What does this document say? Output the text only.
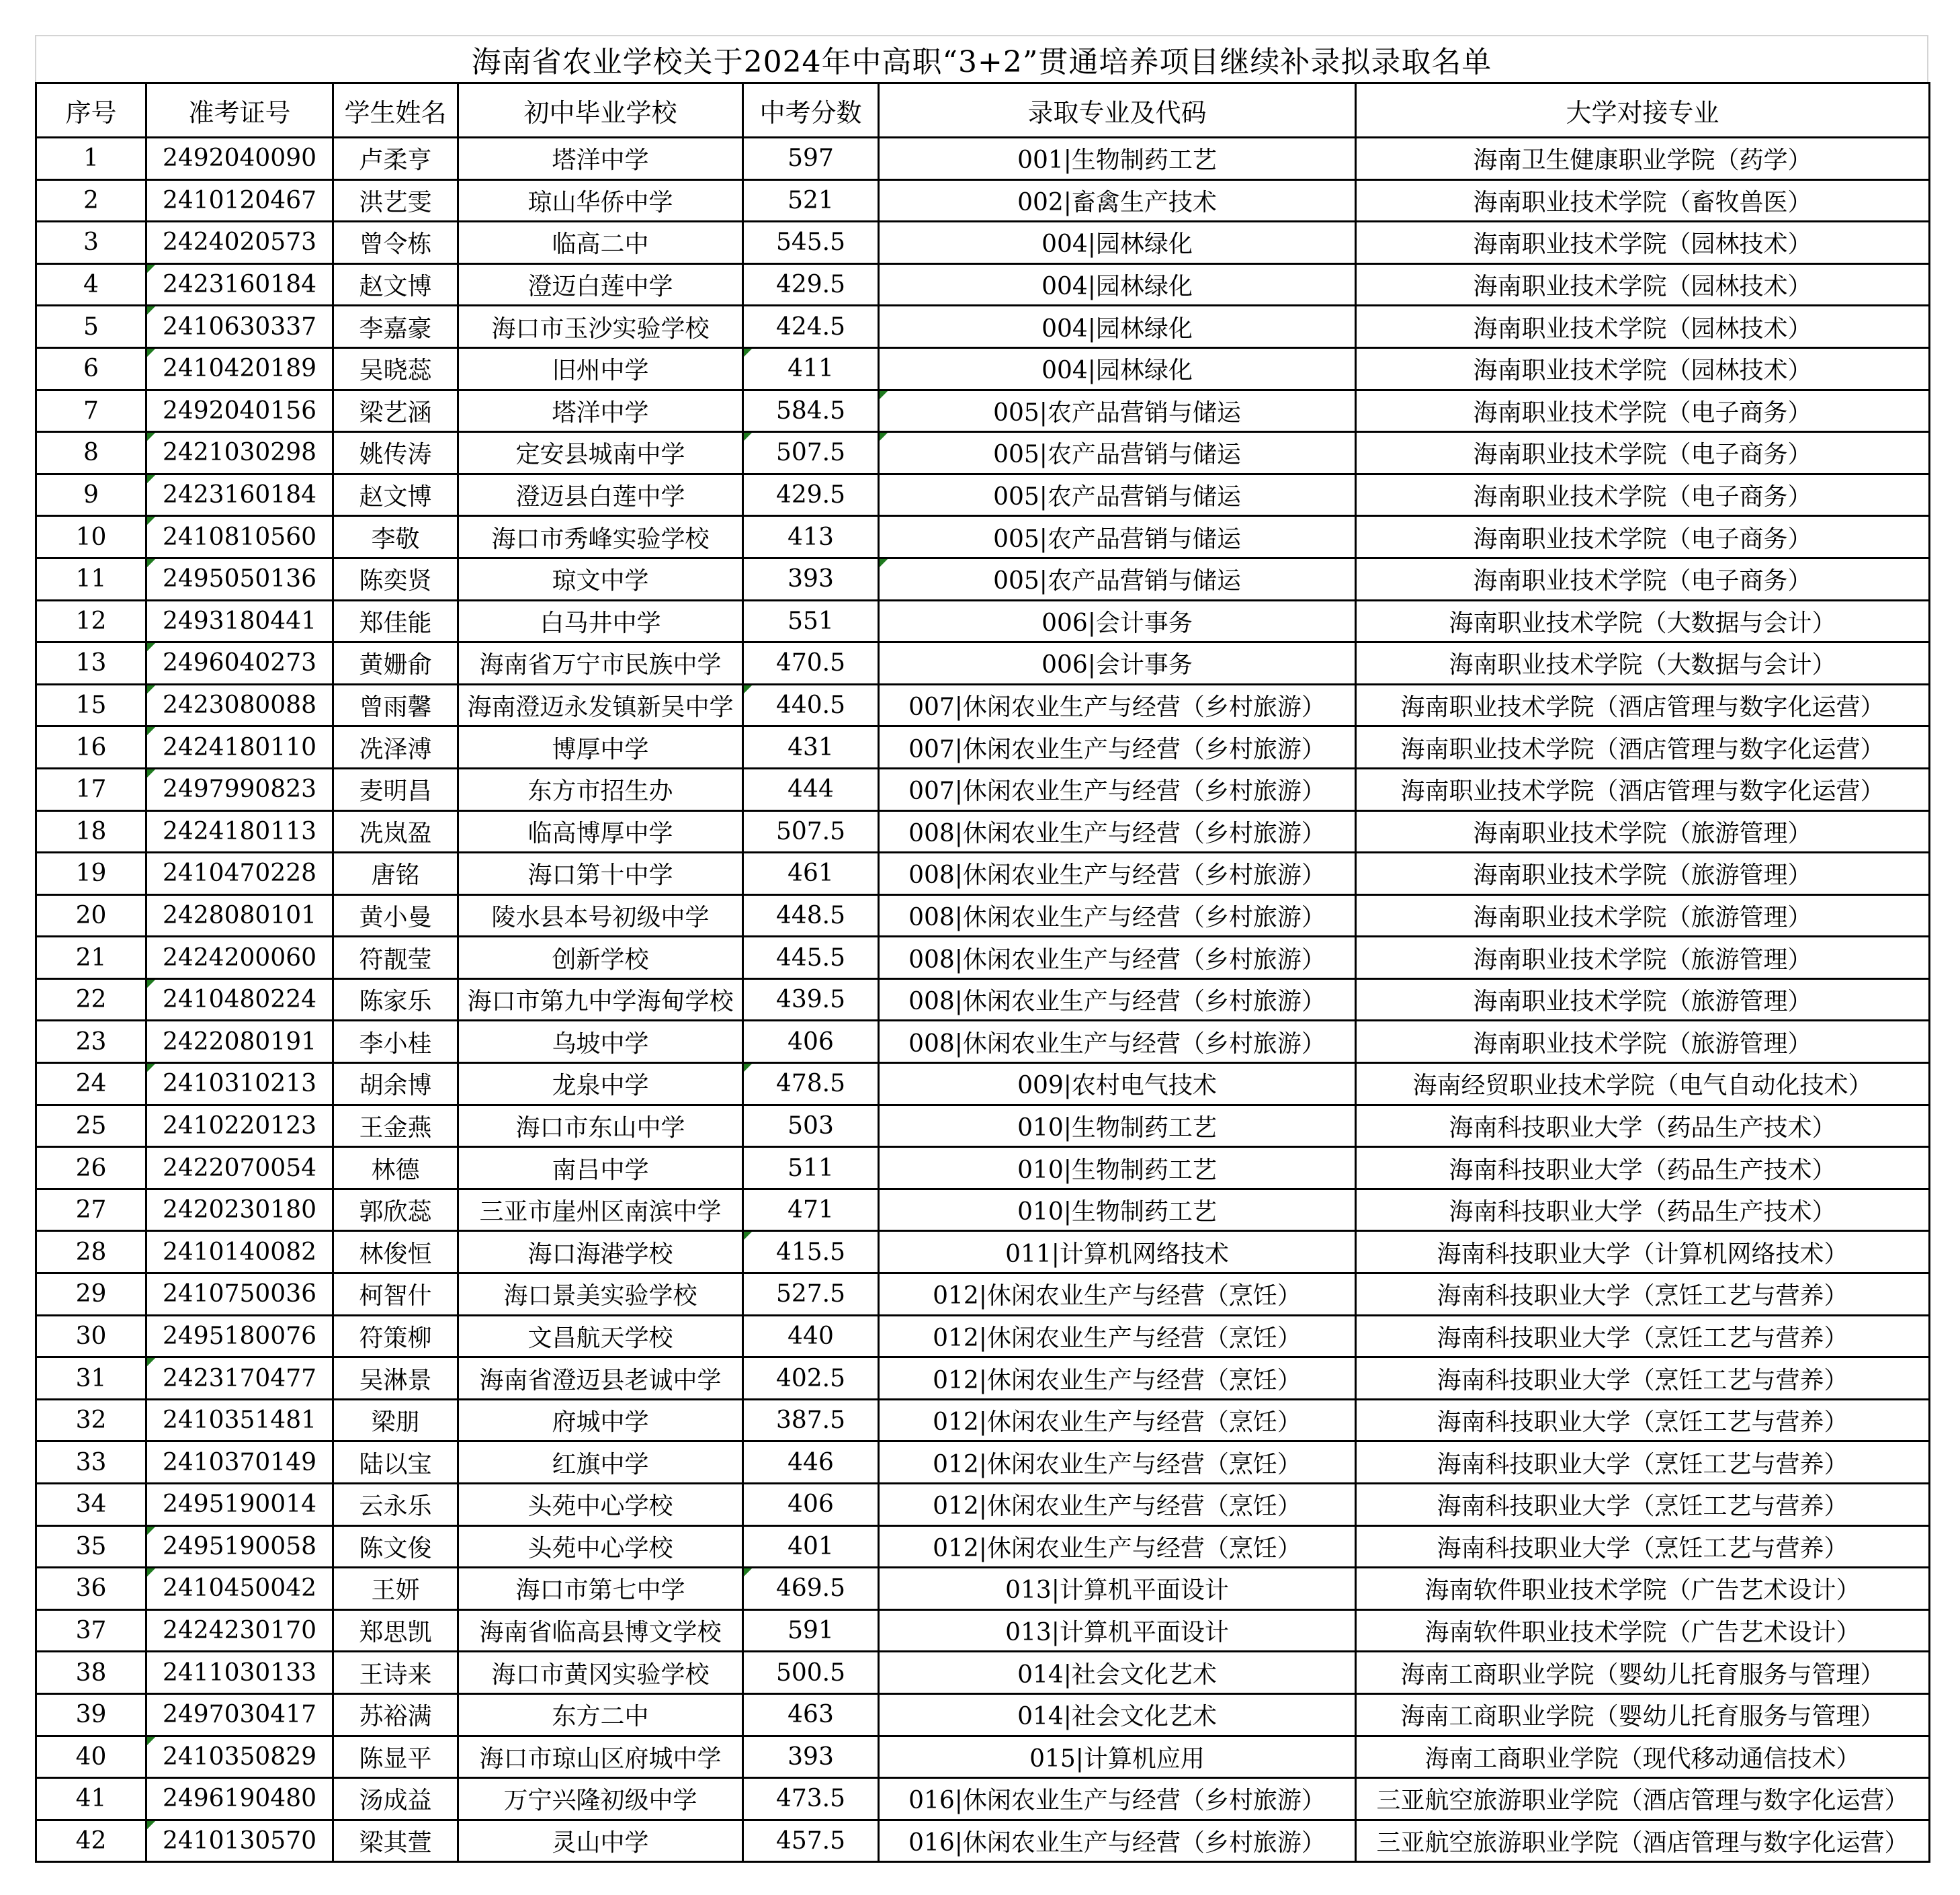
海南省农业学校关于2024年中高职“3+2”贯通培养项目继续补录拟录取名单
序号	准考证号	学生姓名	初中毕业学校	中考分数	录取专业及代码	大学对接专业
1	2492040090	卢柔亨	塔洋中学	597	001|生物制药工艺	海南卫生健康职业学院（药学）
2	2410120467	洪艺雯	琼山华侨中学	521	002|畜禽生产技术	海南职业技术学院（畜牧兽医）
3	2424020573	曾令栋	临高二中	545.5	004|园林绿化	海南职业技术学院（园林技术）
4	2423160184	赵文博	澄迈白莲中学	429.5	004|园林绿化	海南职业技术学院（园林技术）
5	2410630337	李嘉豪	海口市玉沙实验学校	424.5	004|园林绿化	海南职业技术学院（园林技术）
6	2410420189	吴晓蕊	旧州中学	411	004|园林绿化	海南职业技术学院（园林技术）
7	2492040156	梁艺涵	塔洋中学	584.5	005|农产品营销与储运	海南职业技术学院（电子商务）
8	2421030298	姚传涛	定安县城南中学	507.5	005|农产品营销与储运	海南职业技术学院（电子商务）
9	2423160184	赵文博	澄迈县白莲中学	429.5	005|农产品营销与储运	海南职业技术学院（电子商务）
10	2410810560	李敬	海口市秀峰实验学校	413	005|农产品营销与储运	海南职业技术学院（电子商务）
11	2495050136	陈奕贤	琼文中学	393	005|农产品营销与储运	海南职业技术学院（电子商务）
12	2493180441	郑佳能	白马井中学	551	006|会计事务	海南职业技术学院（大数据与会计）
13	2496040273	黄姗俞	海南省万宁市民族中学	470.5	006|会计事务	海南职业技术学院（大数据与会计）
15	2423080088	曾雨馨	海南澄迈永发镇新吴中学	440.5	007|休闲农业生产与经营（乡村旅游）	海南职业技术学院（酒店管理与数字化运营）
16	2424180110	冼泽溥	博厚中学	431	007|休闲农业生产与经营（乡村旅游）	海南职业技术学院（酒店管理与数字化运营）
17	2497990823	麦明昌	东方市招生办	444	007|休闲农业生产与经营（乡村旅游）	海南职业技术学院（酒店管理与数字化运营）
18	2424180113	冼岚盈	临高博厚中学	507.5	008|休闲农业生产与经营（乡村旅游）	海南职业技术学院（旅游管理）
19	2410470228	唐铭	海口第十中学	461	008|休闲农业生产与经营（乡村旅游）	海南职业技术学院（旅游管理）
20	2428080101	黄小曼	陵水县本号初级中学	448.5	008|休闲农业生产与经营（乡村旅游）	海南职业技术学院（旅游管理）
21	2424200060	符靓莹	创新学校	445.5	008|休闲农业生产与经营（乡村旅游）	海南职业技术学院（旅游管理）
22	2410480224	陈家乐	海口市第九中学海甸学校	439.5	008|休闲农业生产与经营（乡村旅游）	海南职业技术学院（旅游管理）
23	2422080191	李小桂	乌坡中学	406	008|休闲农业生产与经营（乡村旅游）	海南职业技术学院（旅游管理）
24	2410310213	胡余博	龙泉中学	478.5	009|农村电气技术	海南经贸职业技术学院（电气自动化技术）
25	2410220123	王金燕	海口市东山中学	503	010|生物制药工艺	海南科技职业大学（药品生产技术）
26	2422070054	林德	南吕中学	511	010|生物制药工艺	海南科技职业大学（药品生产技术）
27	2420230180	郭欣蕊	三亚市崖州区南滨中学	471	010|生物制药工艺	海南科技职业大学（药品生产技术）
28	2410140082	林俊恒	海口海港学校	415.5	011|计算机网络技术	海南科技职业大学（计算机网络技术）
29	2410750036	柯智什	海口景美实验学校	527.5	012|休闲农业生产与经营（烹饪）	海南科技职业大学（烹饪工艺与营养）
30	2495180076	符策柳	文昌航天学校	440	012|休闲农业生产与经营（烹饪）	海南科技职业大学（烹饪工艺与营养）
31	2423170477	吴淋景	海南省澄迈县老诚中学	402.5	012|休闲农业生产与经营（烹饪）	海南科技职业大学（烹饪工艺与营养）
32	2410351481	梁朋	府城中学	387.5	012|休闲农业生产与经营（烹饪）	海南科技职业大学（烹饪工艺与营养）
33	2410370149	陆以宝	红旗中学	446	012|休闲农业生产与经营（烹饪）	海南科技职业大学（烹饪工艺与营养）
34	2495190014	云永乐	头苑中心学校	406	012|休闲农业生产与经营（烹饪）	海南科技职业大学（烹饪工艺与营养）
35	2495190058	陈文俊	头苑中心学校	401	012|休闲农业生产与经营（烹饪）	海南科技职业大学（烹饪工艺与营养）
36	2410450042	王妍	海口市第七中学	469.5	013|计算机平面设计	海南软件职业技术学院（广告艺术设计）
37	2424230170	郑思凯	海南省临高县博文学校	591	013|计算机平面设计	海南软件职业技术学院（广告艺术设计）
38	2411030133	王诗来	海口市黄冈实验学校	500.5	014|社会文化艺术	海南工商职业学院（婴幼儿托育服务与管理）
39	2497030417	苏裕满	东方二中	463	014|社会文化艺术	海南工商职业学院（婴幼儿托育服务与管理）
40	2410350829	陈显平	海口市琼山区府城中学	393	015|计算机应用	海南工商职业学院（现代移动通信技术）
41	2496190480	汤成益	万宁兴隆初级中学	473.5	016|休闲农业生产与经营（乡村旅游）	三亚航空旅游职业学院（酒店管理与数字化运营）
42	2410130570	梁其萱	灵山中学	457.5	016|休闲农业生产与经营（乡村旅游）	三亚航空旅游职业学院（酒店管理与数字化运营）
